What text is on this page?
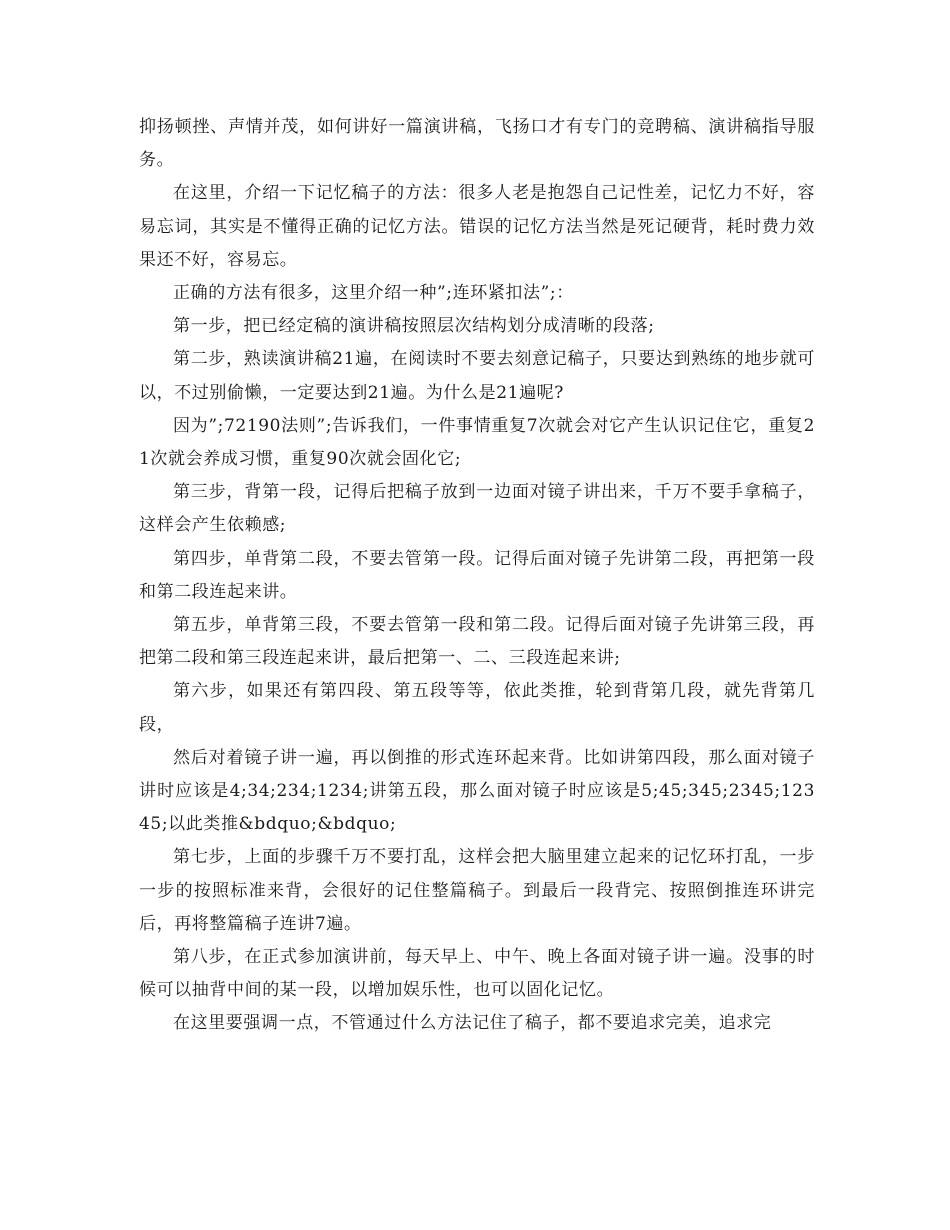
抑扬顿挫、声情并茂，如何讲好一篇演讲稿，飞扬口才有专门的竞聘稿、演讲稿指导服务。

在这里，介绍一下记忆稿子的方法：很多人老是抱怨自己记性差，记忆力不好，容易忘词，其实是不懂得正确的记忆方法。错误的记忆方法当然是死记硬背，耗时费力效果还不好，容易忘。

正确的方法有很多，这里介绍一种”;连环紧扣法”;：

第一步，把已经定稿的演讲稿按照层次结构划分成清晰的段落;

第二步，熟读演讲稿21遍，在阅读时不要去刻意记稿子，只要达到熟练的地步就可以，不过别偷懒，一定要达到21遍。为什么是21遍呢?

因为”;72190法则”;告诉我们，一件事情重复7次就会对它产生认识记住它，重复21次就会养成习惯，重复90次就会固化它;

第三步，背第一段，记得后把稿子放到一边面对镜子讲出来，千万不要手拿稿子，这样会产生依赖感;

第四步，单背第二段，不要去管第一段。记得后面对镜子先讲第二段，再把第一段和第二段连起来讲。

第五步，单背第三段，不要去管第一段和第二段。记得后面对镜子先讲第三段，再把第二段和第三段连起来讲，最后把第一、二、三段连起来讲;

第六步，如果还有第四段、第五段等等，依此类推，轮到背第几段，就先背第几段，

然后对着镜子讲一遍，再以倒推的形式连环起来背。比如讲第四段，那么面对镜子讲时应该是4;34;234;1234;讲第五段，那么面对镜子时应该是5;45;345;2345;12345;以此类推&bdquo;&bdquo;

第七步，上面的步骤千万不要打乱，这样会把大脑里建立起来的记忆环打乱，一步一步的按照标准来背，会很好的记住整篇稿子。到最后一段背完、按照倒推连环讲完后，再将整篇稿子连讲7遍。

第八步，在正式参加演讲前，每天早上、中午、晚上各面对镜子讲一遍。没事的时候可以抽背中间的某一段，以增加娱乐性，也可以固化记忆。

在这里要强调一点，不管通过什么方法记住了稿子，都不要追求完美，追求完
